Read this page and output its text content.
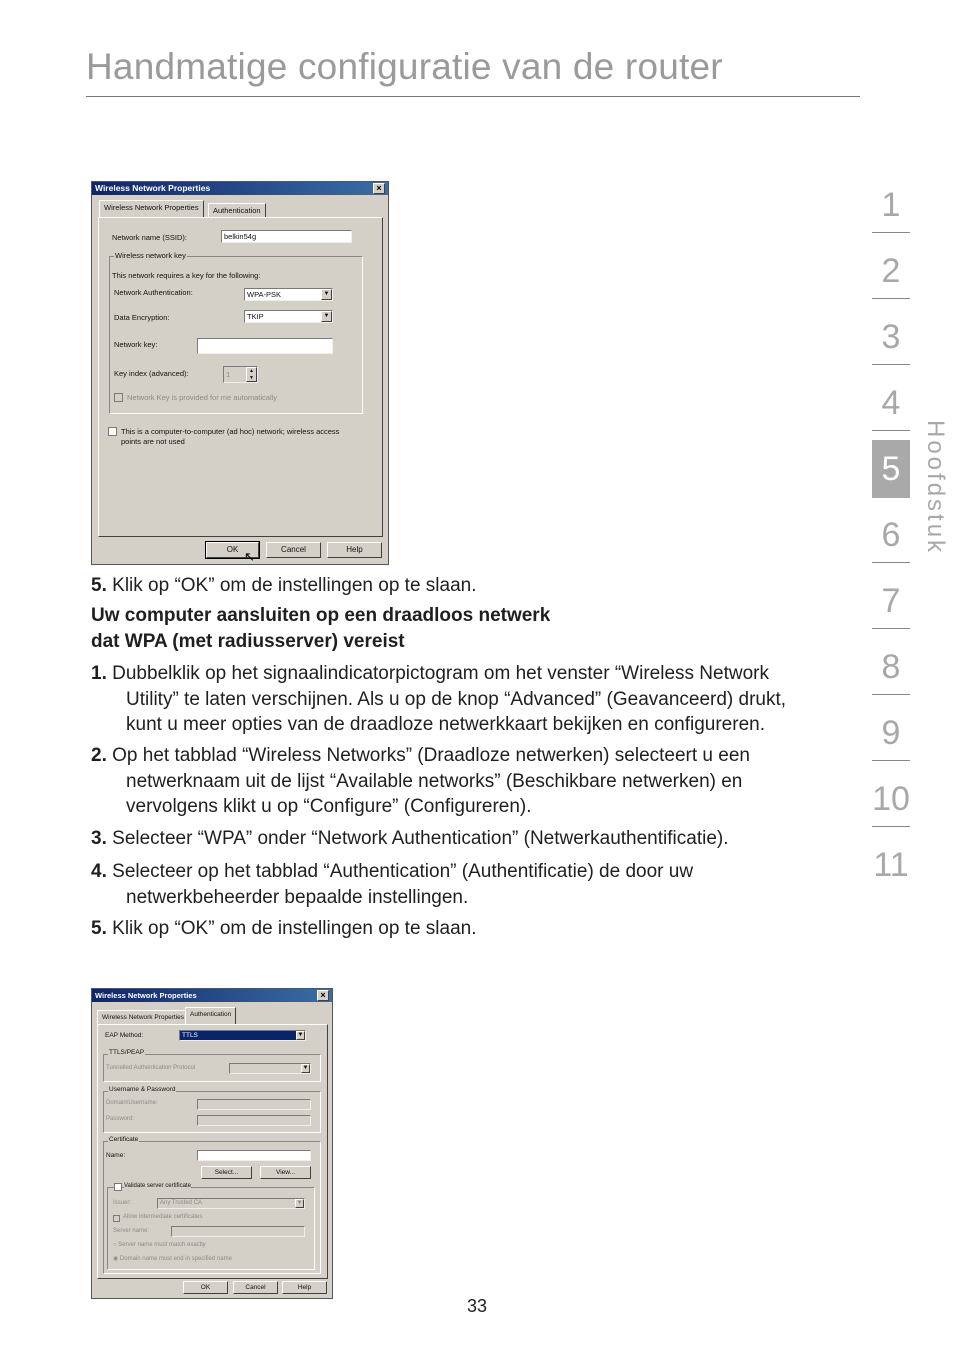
Handmatige configuratie van de router
1
2
3
4
5
6
7
8
9
10
11
Hoofdstuk
Wireless Network Properties	×
Wireless Network Properties	Authentication
Network name (SSID):	belkin54g
Wireless network key
This network requires a key for the following:
Network Authentication:	WPA-PSK	▼
Data Encryption:	TKIP	▼
Network key:
Key index (advanced):	1	▲
▼
Network Key is provided for me automatically
This is a computer-to-computer (ad hoc) network; wireless access
points are not used
OK	Cancel	Help
↖
5. Klik op “OK” om de instellingen op te slaan.
Uw computer aansluiten op een draadloos netwerk
dat WPA (met radiusserver) vereist
1. Dubbelklik op het signaalindicatorpictogram om het venster “Wireless Network
Utility” te laten verschijnen. Als u op de knop “Advanced” (Geavanceerd) drukt,
kunt u meer opties van de draadloze netwerkkaart bekijken en configureren.
2. Op het tabblad “Wireless Networks” (Draadloze netwerken) selecteert u een
netwerknaam uit de lijst “Available networks” (Beschikbare netwerken) en
vervolgens klikt u op “Configure” (Configureren).
3. Selecteer “WPA” onder “Network Authentication” (Netwerkauthentificatie).
4. Selecteer op het tabblad “Authentication” (Authentificatie) de door uw
netwerkbeheerder bepaalde instellingen.
5. Klik op “OK” om de instellingen op te slaan.
Wireless Network Properties	×
Wireless Network Properties Authentication
EAP Method:	TTLS	▼
TTLS/PEAP
Tunnelled Authentication Protocol	▼
Username & Password
Domain\Username:
Password:
Certificate
Name:
Select...	View...
Validate server certificate
Issuer:	Any Trusted CA	▼
Allow intermediate certificates
Server name:
○ Server name must match exactly
◉ Domain name must end in specified name
OK	Cancel	Help
33
